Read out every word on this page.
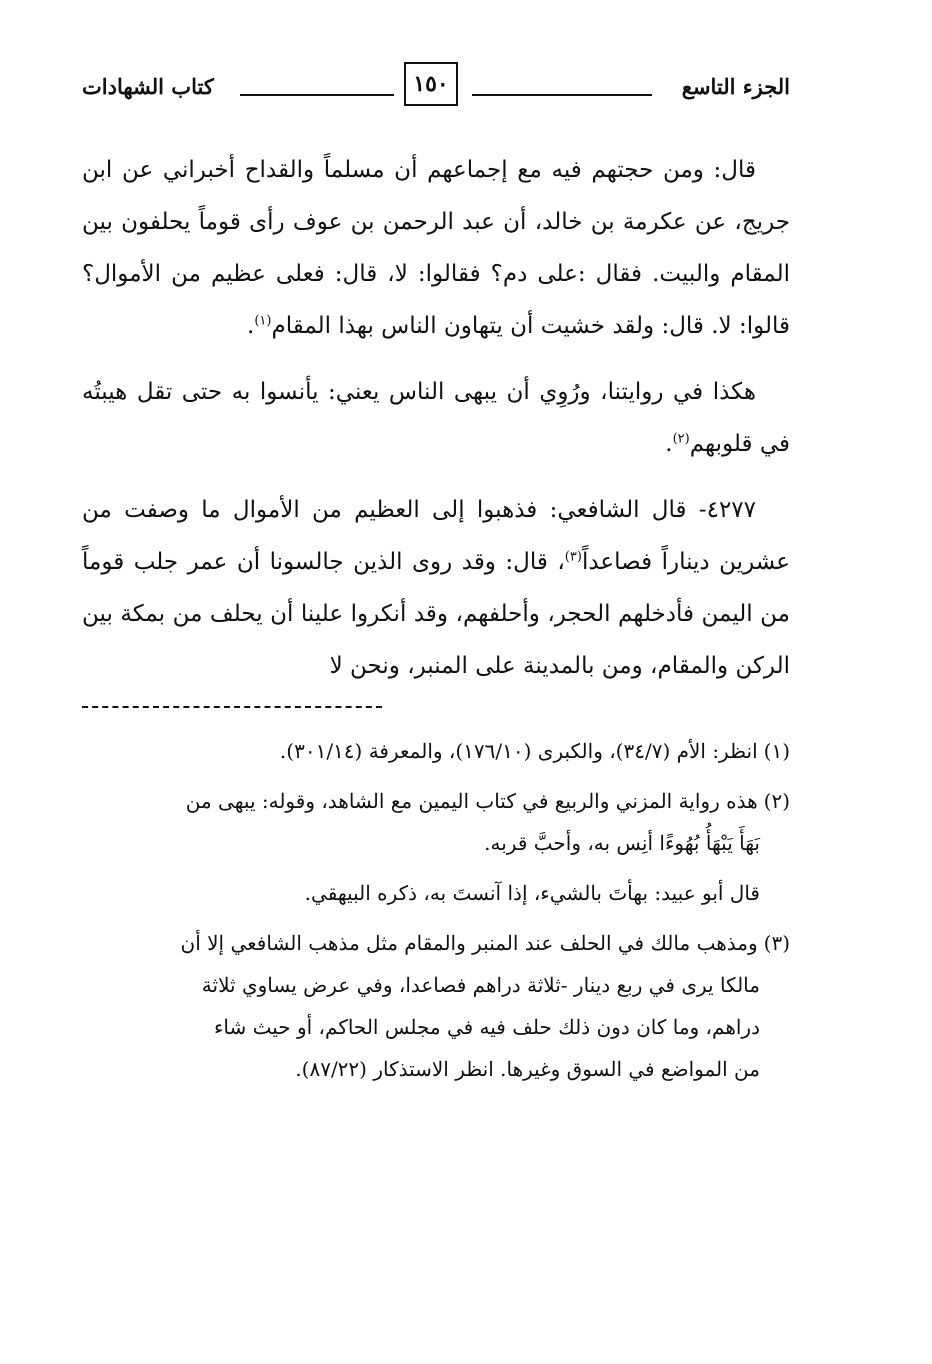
الجزء التاسع
١٥٠
كتاب الشهادات

قال: ومن حجتهم فيه مع إجماعهم أن مسلماً والقداح أخبراني عن ابن جريج، عن عكرمة بن خالد، أن عبد الرحمن بن عوف رأى قوماً يحلفون بين المقام والبيت. فقال :على دم؟ فقالوا: لا، قال: فعلى عظيم من الأموال؟ قالوا: لا. قال: ولقد خشيت أن يتهاون الناس بهذا المقام$^{(١)}$.

هكذا في روايتنا، ورُوِي أن يبهى الناس يعني: يأنسوا به حتى تقل هيبتُه في قلوبهم$^{(٢)}$.

٤٢٧٧- قال الشافعي: فذهبوا إلى العظيم من الأموال ما وصفت من عشرين ديناراً فصاعداً$^{(٣)}$، قال: وقد روى الذين جالسونا أن عمر جلب قوماً من اليمن فأدخلهم الحجر، وأحلفهم، وقد أنكروا علينا أن يحلف من بمكة بين الركن والمقام، ومن بالمدينة على المنبر، ونحن لا

(١)انظر: الأم (٣٤/٧)، والكبرى (١٧٦/١٠)، والمعرفة (٣٠١/١٤).

(٢)هذه رواية المزني والربيع في كتاب اليمين مع الشاهد، وقوله: يبهى من
بَهَأَ يَبْهَأُ بُهُوءًا أنِس به، وأحبَّ قربه.

قال أبو عبيد: بهأتَ بالشيء، إذا آنستَ به، ذكره البيهقي.

(٣)ومذهب مالك في الحلف عند المنبر والمقام مثل مذهب الشافعي إلا أن
مالكا يرى في ربع دينار -ثلاثة دراهم فصاعدا، وفي عرض يساوي ثلاثة
دراهم، وما كان دون ذلك حلف فيه في مجلس الحاكم، أو حيث شاء
من المواضع في السوق وغيرها. انظر الاستذكار (٨٧/٢٢).
